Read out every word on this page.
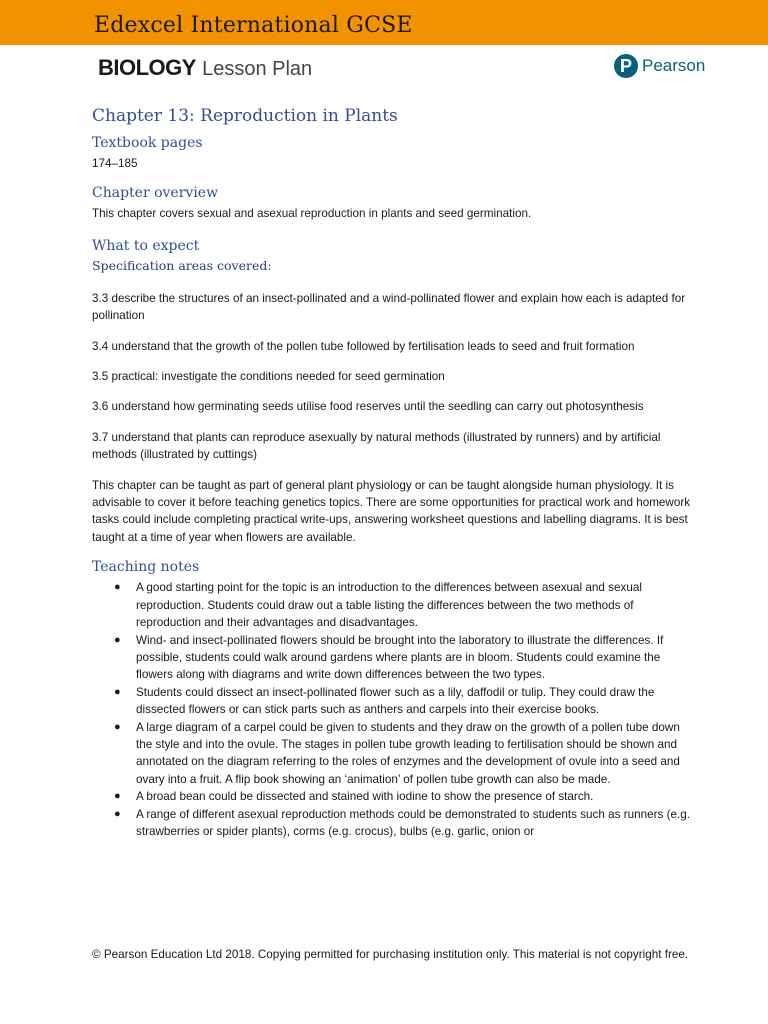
Edexcel International GCSE
BIOLOGY Lesson Plan	P Pearson
Chapter 13: Reproduction in Plants
Textbook pages
174–185
Chapter overview
This chapter covers sexual and asexual reproduction in plants and seed germination.
What to expect
Specification areas covered:
3.3 describe the structures of an insect-pollinated and a wind-pollinated flower and explain how each is adapted for pollination
3.4 understand that the growth of the pollen tube followed by fertilisation leads to seed and fruit formation
3.5 practical: investigate the conditions needed for seed germination
3.6 understand how germinating seeds utilise food reserves until the seedling can carry out photosynthesis
3.7 understand that plants can reproduce asexually by natural methods (illustrated by runners) and by artificial methods (illustrated by cuttings)
This chapter can be taught as part of general plant physiology or can be taught alongside human physiology. It is advisable to cover it before teaching genetics topics. There are some opportunities for practical work and homework tasks could include completing practical write-ups, answering worksheet questions and labelling diagrams. It is best taught at a time of year when flowers are available.
Teaching notes
● A good starting point for the topic is an introduction to the differences between asexual and sexual reproduction. Students could draw out a table listing the differences between the two methods of reproduction and their advantages and disadvantages.
● Wind- and insect-pollinated flowers should be brought into the laboratory to illustrate the differences. If possible, students could walk around gardens where plants are in bloom. Students could examine the flowers along with diagrams and write down differences between the two types.
● Students could dissect an insect-pollinated flower such as a lily, daffodil or tulip. They could draw the dissected flowers or can stick parts such as anthers and carpels into their exercise books.
● A large diagram of a carpel could be given to students and they draw on the growth of a pollen tube down the style and into the ovule. The stages in pollen tube growth leading to fertilisation should be shown and annotated on the diagram referring to the roles of enzymes and the development of ovule into a seed and ovary into a fruit. A flip book showing an ‘animation’ of pollen tube growth can also be made.
● A broad bean could be dissected and stained with iodine to show the presence of starch.
● A range of different asexual reproduction methods could be demonstrated to students such as runners (e.g. strawberries or spider plants), corms (e.g. crocus), bulbs (e.g. garlic, onion or
© Pearson Education Ltd 2018. Copying permitted for purchasing institution only. This material is not copyright free.
